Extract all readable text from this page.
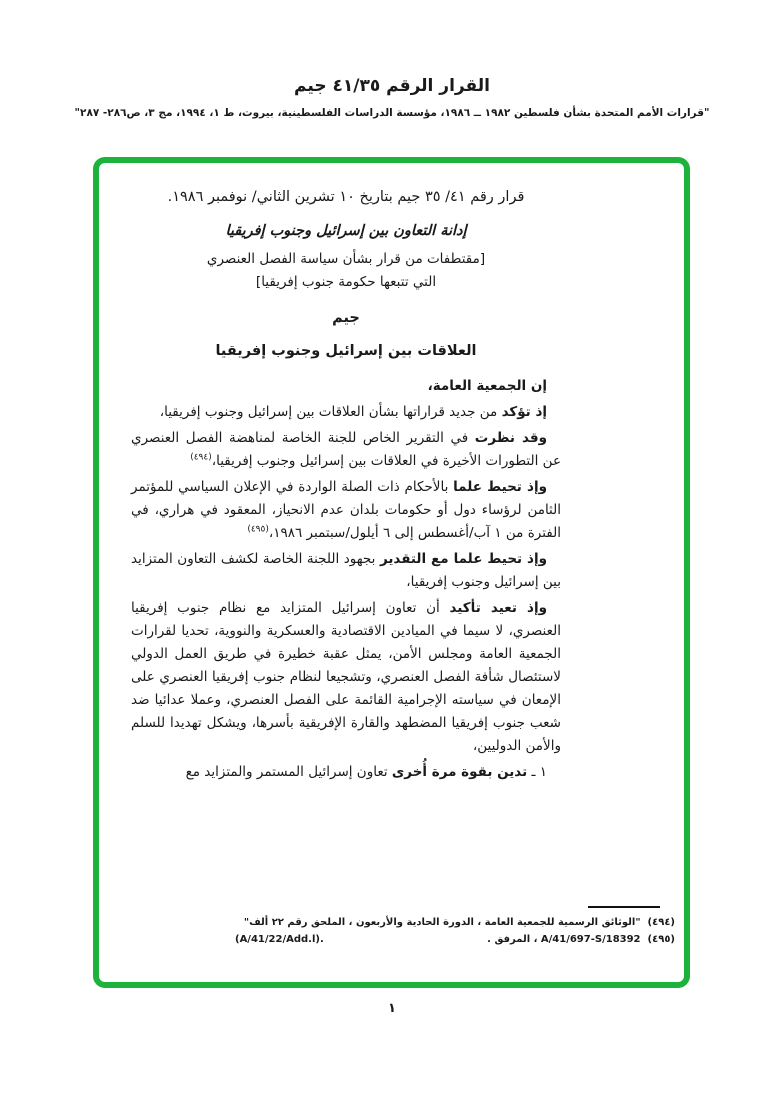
القرار الرقم ٤١/٣٥ جيم
"قرارات الأمم المتحدة بشأن فلسطين ١٩٨٢ ــ ١٩٨٦، مؤسسة الدراسات الفلسطينية، بيروت، ط ١، ١٩٩٤، مج ٣، ص٢٨٦- ٢٨٧"

قرار رقم ٤١/ ٣٥ جيم بتاريخ ١٠ تشرين الثاني/ نوفمبر ١٩٨٦.

إدانة التعاون بين إسرائيل وجنوب إفريقيا

[مقتطفات من قرار بشأن سياسة الفصل العنصري

التي تتبعها حكومة جنوب إفريقيا]

جيم

العلاقات بين إسرائيل وجنوب إفريقيا

إن الجمعية العامة،

إذ تؤكد من جديد قراراتها بشأن العلاقات بين إسرائيل وجنوب إفريقيا،

وقد نظرت في التقرير الخاص للجنة الخاصة لمناهضة الفصل العنصري عن التطورات الأخيرة في العلاقات بين إسرائيل وجنوب إفريقيا،$^{(٤٩٤)}$

وإذ تحيط علما بالأحكام ذات الصلة الواردة في الإعلان السياسي للمؤتمر الثامن لرؤساء دول أو حكومات بلدان عدم الانحياز، المعقود في هراري، في الفترة من ١ آب/أغسطس إلى ٦ أيلول/سبتمبر ١٩٨٦،$^{(٤٩٥)}$

وإذ تحيط علما مع التقدير بجهود اللجنة الخاصة لكشف التعاون المتزايد بين إسرائيل وجنوب إفريقيا،

وإذ تعيد تأكيد أن تعاون إسرائيل المتزايد مع نظام جنوب إفريقيا العنصري، لا سيما في الميادين الاقتصادية والعسكرية والنووية، تحديا لقرارات الجمعية العامة ومجلس الأمن، يمثل عقبة خطيرة في طريق العمل الدولي لاستئصال شأفة الفصل العنصري، وتشجيعا لنظام جنوب إفريقيا العنصري على الإمعان في سياسته الإجرامية القائمة على الفصل العنصري، وعملا عدائيا ضد شعب جنوب إفريقيا المضطهد والقارة الإفريقية بأسرها، ويشكل تهديدا للسلم والأمن الدوليين،

١ ـ تدين بقوة مرة أُخرى تعاون إسرائيل المستمر والمتزايد مع

(٤٩٤)"الوثائق الرسمية للجمعية العامة ، الدورة الحادية والأربعون ، الملحق رقم ٢٢ ألف"
(٤٩٥)A/41/697-S/18392 ، المرفق .
(A/41/22/Add.l).
١
